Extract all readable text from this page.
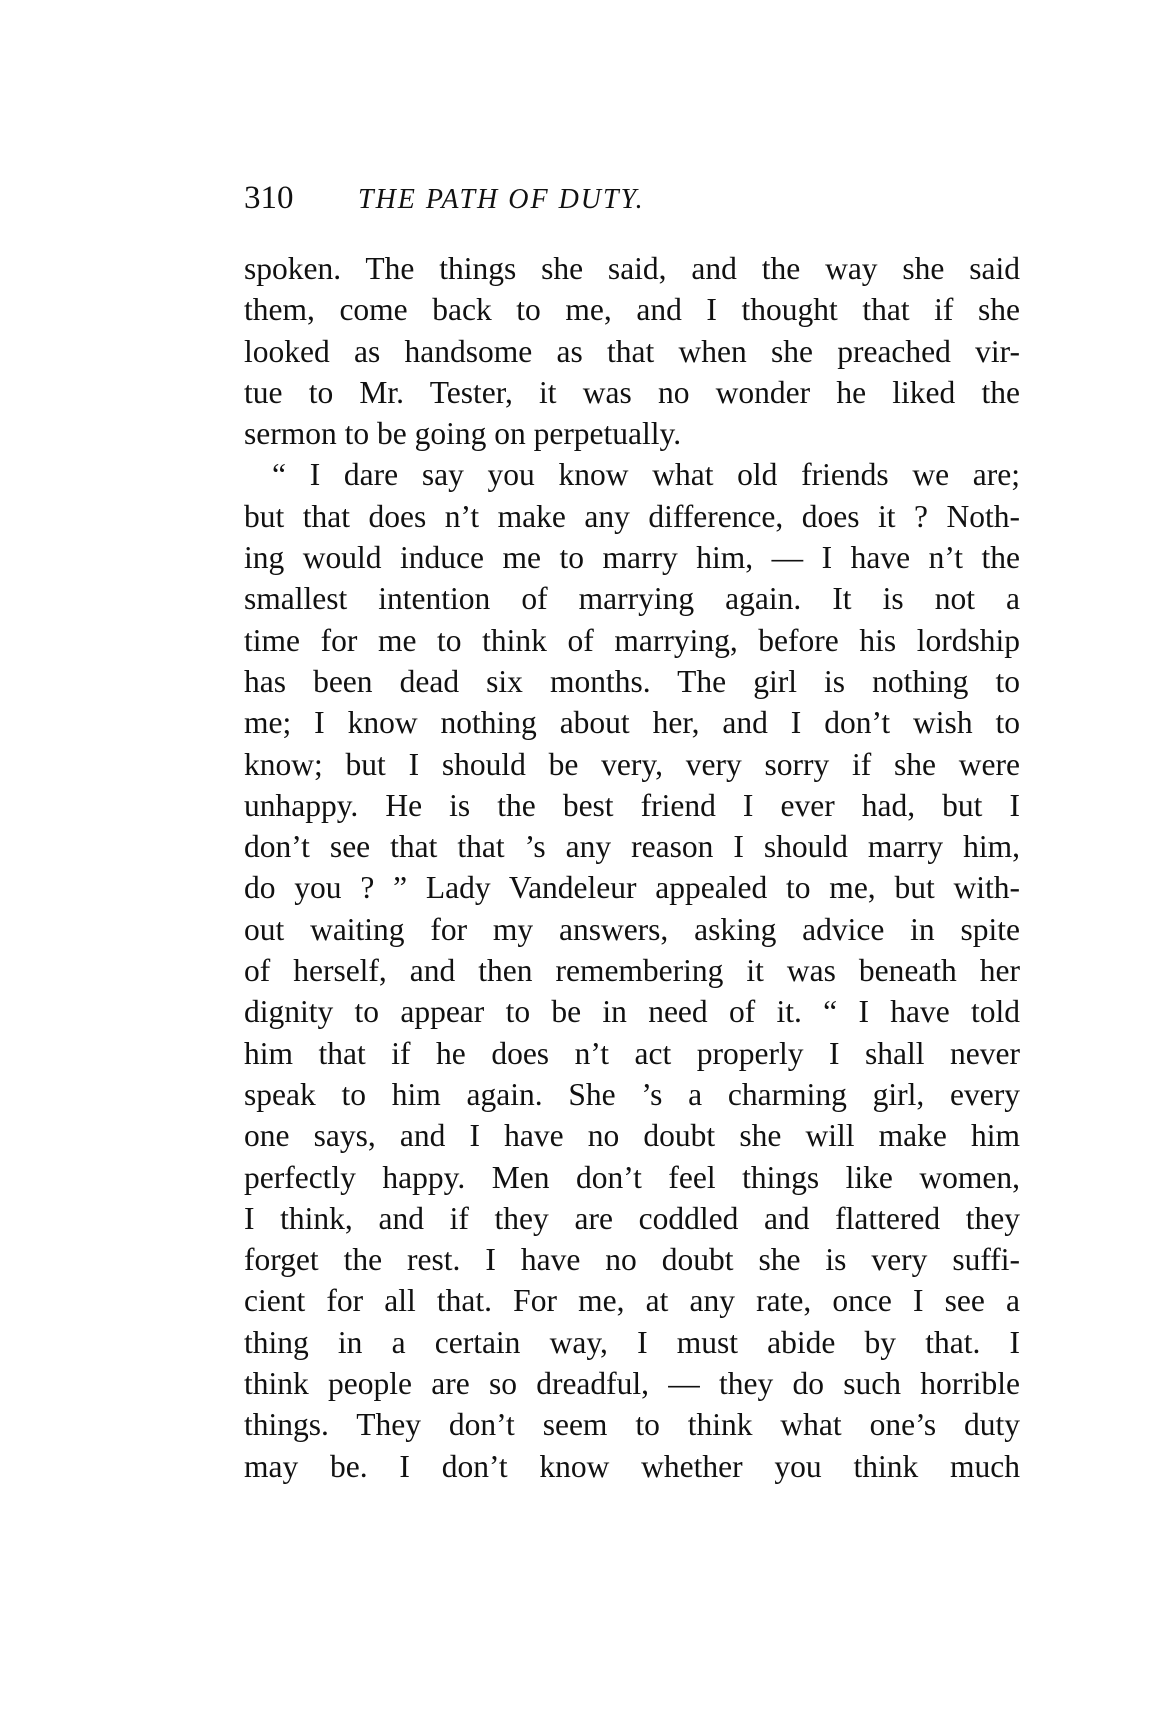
310 THE PATH OF DUTY.
spoken. The things she said, and the way she said
them, come back to me, and I thought that if she
looked as handsome as that when she preached vir-
tue to Mr. Tester, it was no wonder he liked the
sermon to be going on perpetually.
“ I dare say you know what old friends we are;
but that does n’t make any difference, does it ? Noth-
ing would induce me to marry him, — I have n’t the
smallest intention of marrying again. It is not a
time for me to think of marrying, before his lordship
has been dead six months. The girl is nothing to
me; I know nothing about her, and I don’t wish to
know; but I should be very, very sorry if she were
unhappy. He is the best friend I ever had, but I
don’t see that that ’s any reason I should marry him,
do you ? ” Lady Vandeleur appealed to me, but with-
out waiting for my answers, asking advice in spite
of herself, and then remembering it was beneath her
dignity to appear to be in need of it. “ I have told
him that if he does n’t act properly I shall never
speak to him again. She ’s a charming girl, every
one says, and I have no doubt she will make him
perfectly happy. Men don’t feel things like women,
I think, and if they are coddled and flattered they
forget the rest. I have no doubt she is very suffi-
cient for all that. For me, at any rate, once I see a
thing in a certain way, I must abide by that. I
think people are so dreadful, — they do such horrible
things. They don’t seem to think what one’s duty
may be. I don’t know whether you think much
